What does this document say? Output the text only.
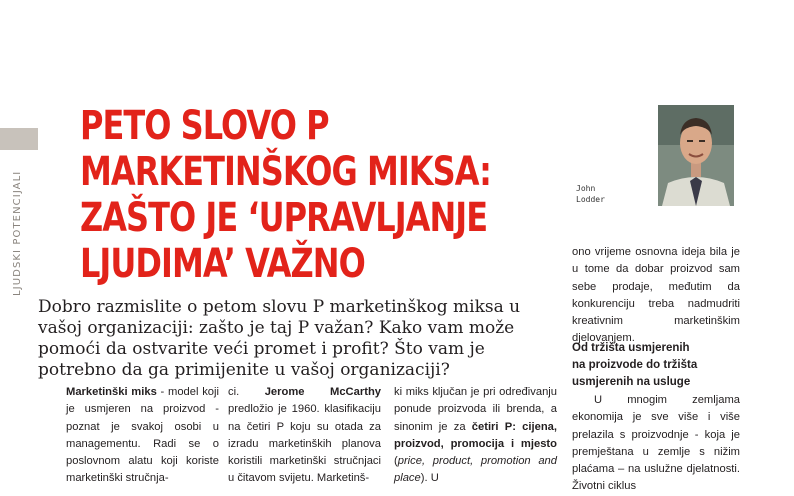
LJUDSKI POTENCIJALI
PETO SLOVO P
MARKETINŠKOG MIKSA:
ZAŠTO JE ‘UPRAVLJANJE
LJUDIMA’ VAŽNO
John
Lodder

Dobro razmislite o petom slovu P marketinškog miksa u vašoj organizaciji: zašto je taj P važan? Kako vam može pomoći da ostvarite veći promet i profit? Što vam je potrebno da ga primijenite u vašoj organizaciji?

Marketinški miks - model koji je usmjeren na proizvod - poznat je svakoj osobi u managementu. Radi se o poslovnom alatu koji koriste marketinški stručnja-

ci. Jerome McCarthy predložio je 1960. klasifikaciju na četiri P koju su otada za izradu marketinških planova koristili marketinški stručnjaci u čitavom svijetu. Marketinš-

ki miks ključan je pri određivanju ponude proizvoda ili brenda, a sinonim je za četiri P: cijena, proizvod, promocija i mjesto (price, product, promotion and place). U

ono vrijeme osnovna ideja bila je u tome da dobar proizvod sam sebe prodaje, međutim da konkurenciju treba nadmudriti kreativnim marketinškim djelovanjem.

Od tržišta usmjerenih
na proizvode do tržišta
usmjerenih na usluge

U mnogim zemljama ekonomija je sve više i više prelazila s proizvodnje - koja je premještana u zemlje s nižim plaćama – na uslužne djelatnosti. Životni ciklus
